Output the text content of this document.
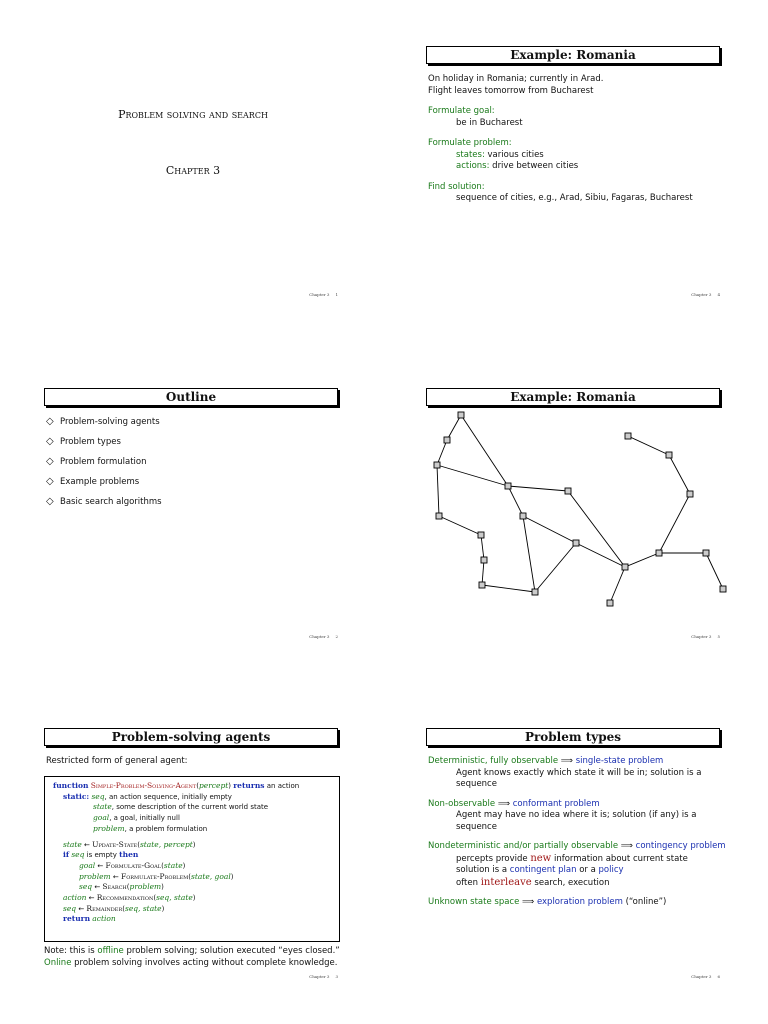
Problem solving and search
Chapter 3
Chapter 3 1
Example: Romania
On holiday in Romania; currently in Arad.
Flight leaves tomorrow from Bucharest
Formulate goal:
be in Bucharest
Formulate problem:
states: various cities
actions: drive between cities
Find solution:
sequence of cities, e.g., Arad, Sibiu, Fagaras, Bucharest
Chapter 3 4
Outline
◇ Problem-solving agents
◇ Problem types
◇ Problem formulation
◇ Example problems
◇ Basic search algorithms
Chapter 3 2
Example: Romania
Chapter 3 5
Problem-solving agents
Restricted form of general agent:
function Simple-Problem-Solving-Agent(percept) returns an action
static: seq, an action sequence, initially empty
state, some description of the current world state
goal, a goal, initially null
problem, a problem formulation
state ← Update-State(state, percept)
if seq is empty then
goal ← Formulate-Goal(state)
problem ← Formulate-Problem(state, goal)
seq ← Search(problem)
action ← Recommendation(seq, state)
seq ← Remainder(seq, state)
return action
Note: this is offline problem solving; solution executed “eyes closed.”
Online problem solving involves acting without complete knowledge.
Chapter 3 3
Problem types
Deterministic, fully observable ⟹ single-state problem
Agent knows exactly which state it will be in; solution is a sequence
Non-observable ⟹ conformant problem
Agent may have no idea where it is; solution (if any) is a sequence
Nondeterministic and/or partially observable ⟹ contingency problem
percepts provide new information about current state
solution is a contingent plan or a policy
often interleave search, execution
Unknown state space ⟹ exploration problem (“online”)
Chapter 3 6
